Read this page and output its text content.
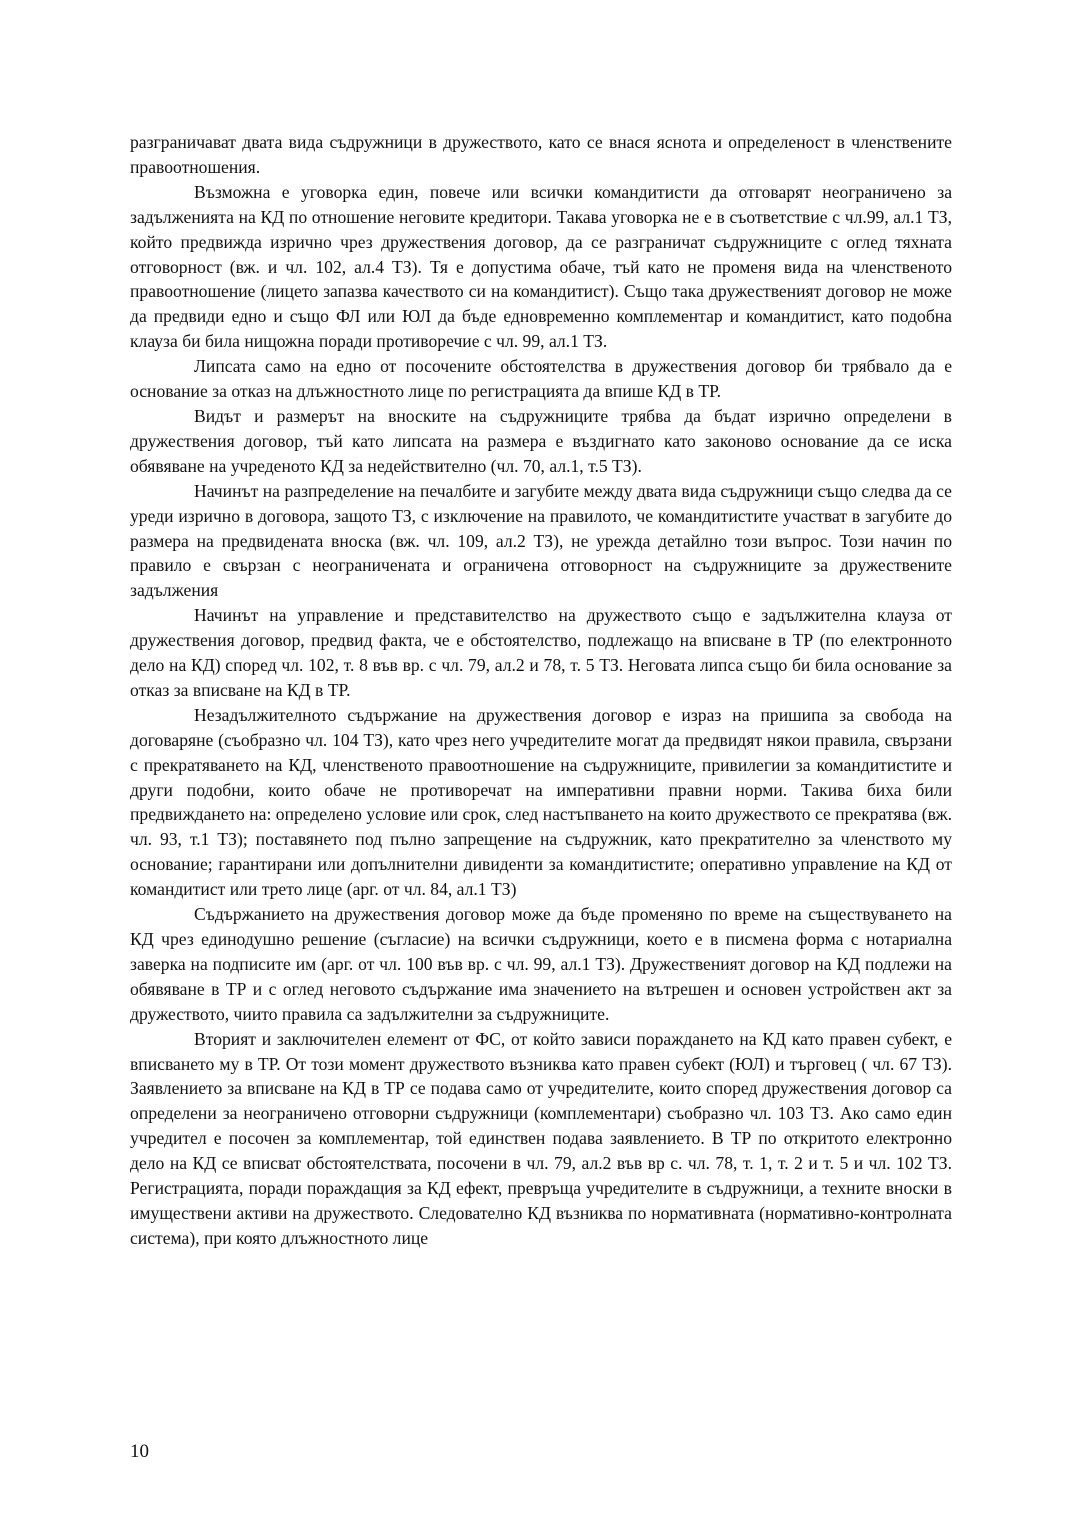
разграничават двата вида съдружници в дружеството, като се внася яснота и определеност в членствените правоотношения.

Възможна е уговорка един, повече или всички командитисти да отговарят неограничено за задълженията на КД по отношение неговите кредитори. Такава уговорка не е в съответствие с чл.99, ал.1 ТЗ, който предвижда изрично чрез дружествения договор, да се разграничат съдружниците с оглед тяхната отговорност (вж. и чл. 102, ал.4 ТЗ). Тя е допустима обаче, тъй като не променя вида на членственото правоотношение (лицето запазва качеството си на командитист). Също така дружественият договор не може да предвиди едно и също ФЛ или ЮЛ да бъде едновременно комплементар и командитист, като подобна клауза би била нищожна поради противоречие с чл. 99, ал.1 ТЗ.

Липсата само на едно от посочените обстоятелства в дружествения договор би трябвало да е основание за отказ на длъжностното лице по регистрацията да впише КД в ТР.

Видът и размерът на вноските на съдружниците трябва да бъдат изрично определени в дружествения договор, тъй като липсата на размера е въздигнато като законово основание да се иска обявяване на учреденото КД за недействително (чл. 70, ал.1, т.5 ТЗ).

Начинът на разпределение на печалбите и загубите между двата вида съдружници също следва да се уреди изрично в договора, защото ТЗ, с изключение на правилото, че командитистите участват в загубите до размера на предвидената вноска (вж. чл. 109, ал.2 ТЗ), не урежда детайлно този въпрос. Този начин по правило е свързан с неограничената и ограничена отговорност на съдружниците за дружествените задължения

Начинът на управление и представителство на дружеството също е задължителна клауза от дружествения договор, предвид факта, че е обстоятелство, подлежащо на вписване в ТР (по електронното дело на КД) според чл. 102, т. 8 във вр. с чл. 79, ал.2 и 78, т. 5 ТЗ. Неговата липса също би била основание за отказ за вписване на КД в ТР.

Незадължителното съдържание на дружествения договор е израз на пришипа за свобода на договаряне (съобразно чл. 104 ТЗ), като чрез него учредителите могат да предвидят някои правила, свързани с прекратяването на КД, членственото правоотношение на съдружниците, привилегии за командитистите и други подобни, които обаче не противоречат на императивни правни норми. Такива биха били предвиждането на: определено условие или срок, след настъпването на които дружеството се прекратява (вж. чл. 93, т.1 ТЗ); поставянето под пълно запрещение на съдружник, като прекратително за членството му основание; гарантирани или допълнителни дивиденти за командитистите; оперативно управление на КД от командитист или трето лице (арг. от чл. 84, ал.1 ТЗ)

Съдържанието на дружествения договор може да бъде променяно по време на съществуването на КД чрез единодушно решение (съгласие) на всички съдружници, което е в писмена форма с нотариална заверка на подписите им (арг. от чл. 100 във вр. с чл. 99, ал.1 ТЗ). Дружественият договор на КД подлежи на обявяване в ТР и с оглед неговото съдържание има значението на вътрешен и основен устройствен акт за дружеството, чиито правила са задължителни за съдружниците.

Вторият и заключителен елемент от ФС, от който зависи пораждането на КД като правен субект, е вписването му в ТР. От този момент дружеството възниква като правен субект (ЮЛ) и търговец ( чл. 67 ТЗ). Заявлението за вписване на КД в ТР се подава само от учредителите, които според дружествения договор са определени за неограничено отговорни съдружници (комплементари) съобразно чл. 103 ТЗ. Ако само един учредител е посочен за комплементар, той единствен подава заявлението. В ТР по откритото електронно дело на КД се вписват обстоятелствата, посочени в чл. 79, ал.2 във вр с. чл. 78, т. 1, т. 2 и т. 5 и чл. 102 ТЗ. Регистрацията, поради пораждащия за КД ефект, превръща учредителите в съдружници, а техните вноски в имуществени активи на дружеството. Следователно КД възниква по нормативната (нормативно-контролната система), при която длъжностното лице

10
